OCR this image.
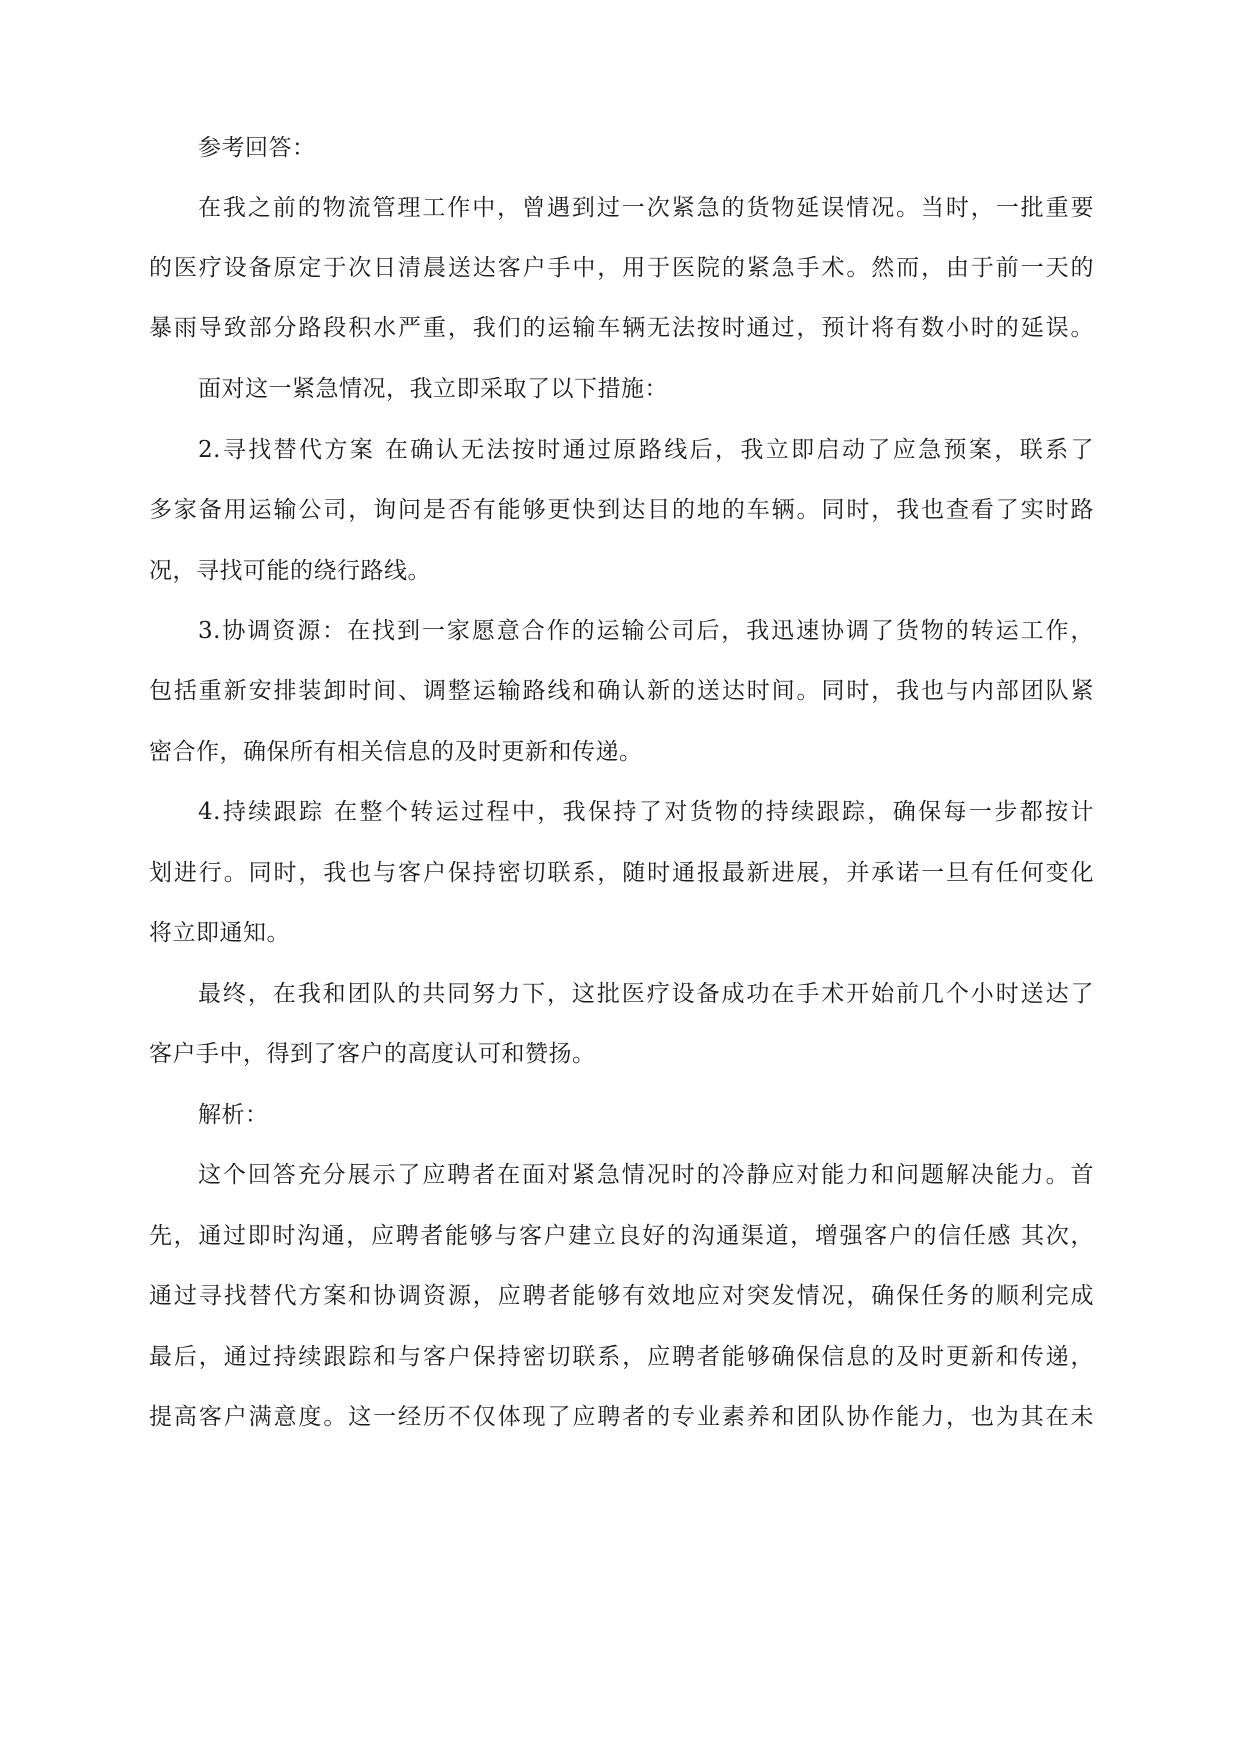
参考回答：
在我之前的物流管理工作中，曾遇到过一次紧急的货物延误情况。当时，一批重要
的医疗设备原定于次日清晨送达客户手中，用于医院的紧急手术。然而，由于前一天的
暴雨导致部分路段积水严重，我们的运输车辆无法按时通过，预计将有数小时的延误。
面对这一紧急情况，我立即采取了以下措施：
2.寻找替代方案 在确认无法按时通过原路线后，我立即启动了应急预案，联系了
多家备用运输公司，询问是否有能够更快到达目的地的车辆。同时，我也查看了实时路
况，寻找可能的绕行路线。
3.协调资源：在找到一家愿意合作的运输公司后，我迅速协调了货物的转运工作，
包括重新安排装卸时间、调整运输路线和确认新的送达时间。同时，我也与内部团队紧
密合作，确保所有相关信息的及时更新和传递。
4.持续跟踪 在整个转运过程中，我保持了对货物的持续跟踪，确保每一步都按计
划进行。同时，我也与客户保持密切联系，随时通报最新进展，并承诺一旦有任何变化
将立即通知。
最终，在我和团队的共同努力下，这批医疗设备成功在手术开始前几个小时送达了
客户手中，得到了客户的高度认可和赞扬。
解析：
这个回答充分展示了应聘者在面对紧急情况时的冷静应对能力和问题解决能力。首
先，通过即时沟通，应聘者能够与客户建立良好的沟通渠道，增强客户的信任感 其次，
通过寻找替代方案和协调资源，应聘者能够有效地应对突发情况，确保任务的顺利完成
最后，通过持续跟踪和与客户保持密切联系，应聘者能够确保信息的及时更新和传递，
提高客户满意度。这一经历不仅体现了应聘者的专业素养和团队协作能力，也为其在未
